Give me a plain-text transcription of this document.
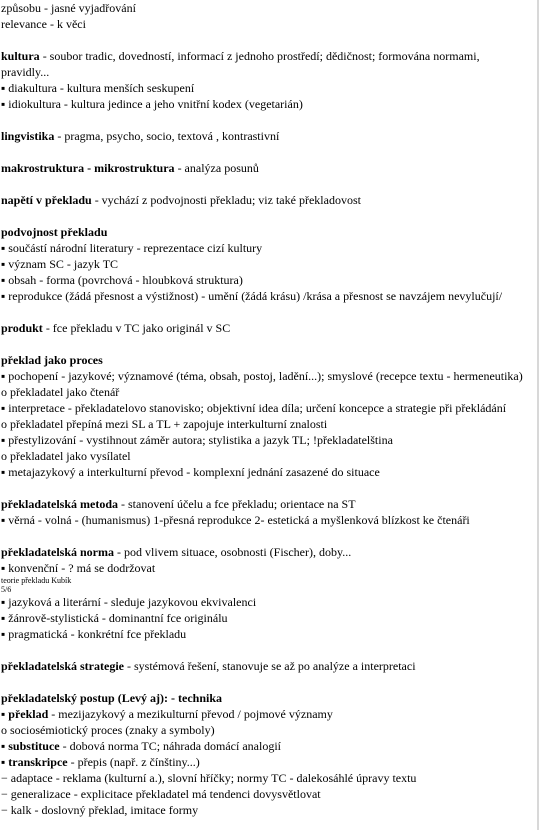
způsobu - jasné vyjadřování
relevance - k věci
kultura - soubor tradic, dovedností, informací z jednoho prostředí; dědičnost; formována normami, pravidly...
▪ diakultura - kultura menších seskupení
▪ idiokultura - kultura jedince a jeho vnitřní kodex (vegetarián)
lingvistika - pragma, psycho, socio, textová , kontrastivní
makrostruktura - mikrostruktura - analýza posunů
napětí v překladu - vychází z podvojnosti překladu; viz také překladovost
podvojnost překladu
▪ součástí národní literatury - reprezentace cizí kultury
▪ význam SC - jazyk TC
▪ obsah - forma (povrchová - hloubková struktura)
▪ reprodukce (žádá přesnost a výstižnost) - umění (žádá krásu) /krása a přesnost se navzájem nevylučují/
produkt - fce překladu v TC jako originál v SC
překlad jako proces
▪ pochopení - jazykové; významové (téma, obsah, postoj, ladění...); smyslové (recepce textu - hermeneutika)
o překladatel jako čtenář
▪ interpretace - překladatelovo stanovisko; objektivní idea díla; určení koncepce a strategie při překládání
o překladatel přepíná mezi SL a TL + zapojuje interkulturní znalosti
▪ přestylizování - vystihnout záměr autora; stylistika a jazyk TL; !překladatelština
o překladatel jako vysílatel
▪ metajazykový a interkulturní převod - komplexní jednání zasazené do situace
překladatelská metoda - stanovení účelu a fce překladu; orientace na ST
▪ věrná - volná - (humanismus) 1-přesná reprodukce 2- estetická a myšlenková blízkost ke čtenáři
překladatelská norma - pod vlivem situace, osobnosti (Fischer), doby...
▪ konvenční - ? má se dodržovat
teorie překladu Kubík
5/6
▪ jazyková a literární - sleduje jazykovou ekvivalenci
▪ žánrově-stylistická - dominantní fce originálu
▪ pragmatická - konkrétní fce překladu
překladatelská strategie - systémová řešení, stanovuje se až po analýze a interpretaci
překladatelský postup (Levý aj): - technika
▪ překlad - mezijazykový a mezikulturní převod / pojmové významy
o sociosémiotický proces (znaky a symboly)
▪ substituce - dobová norma TC; náhrada domácí analogií
▪ transkripce - přepis (např. z čínštiny...)
− adaptace - reklama (kulturní a.), slovní hříčky; normy TC - dalekosáhlé úpravy textu
− generalizace - explicitace překladatel má tendenci dovysvětlovat
− kalk - doslovný překlad, imitace formy
